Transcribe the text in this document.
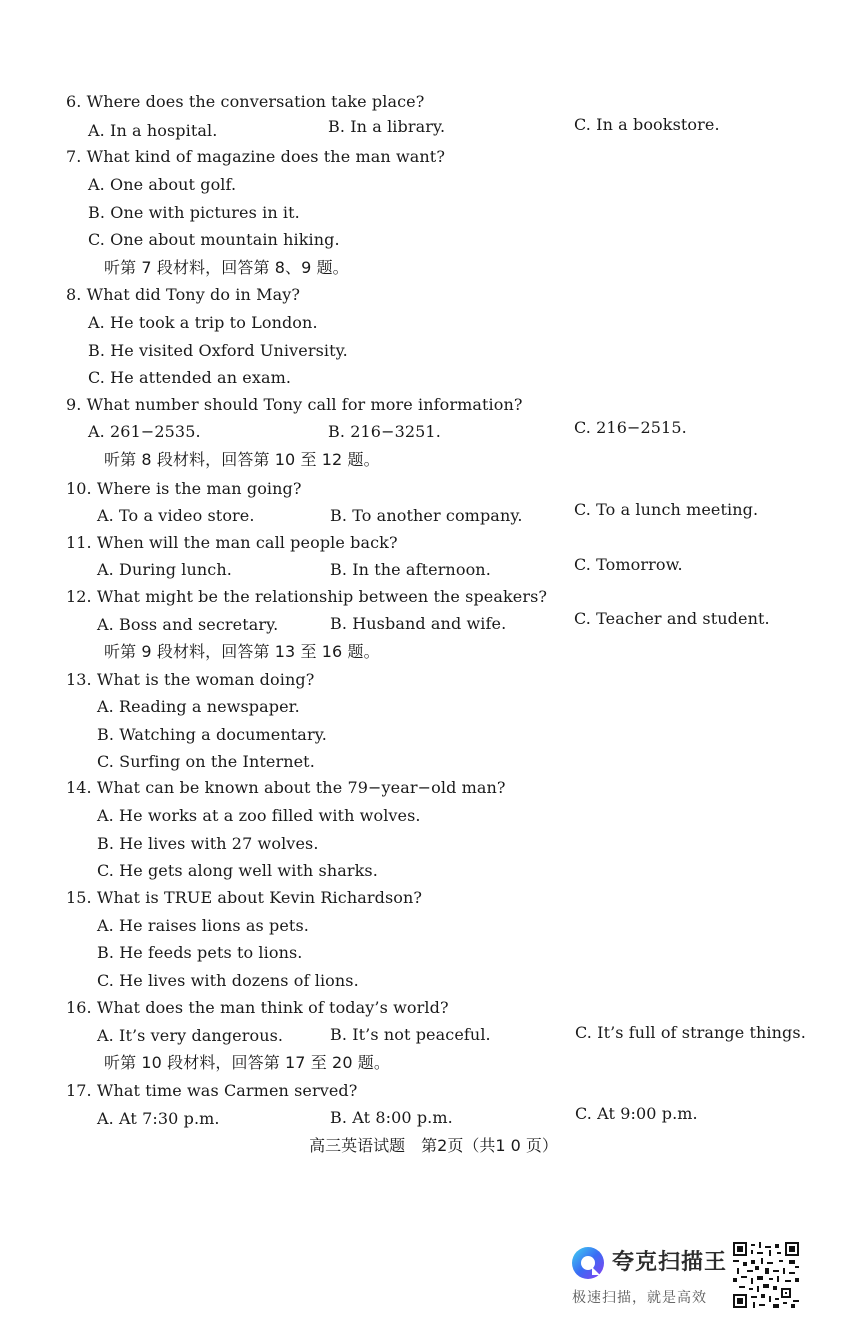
6. Where does the conversation take place?
A. In a hospital.	B. In a library.	C. In a bookstore.
7. What kind of magazine does the man want?
A. One about golf.
B. One with pictures in it.
C. One about mountain hiking.
听第 7 段材料，回答第 8、9 题。
8. What did Tony do in May?
A. He took a trip to London.
B. He visited Oxford University.
C. He attended an exam.
9. What number should Tony call for more information?
A. 261−2535.	B. 216−3251.	C. 216−2515.
听第 8 段材料，回答第 10 至 12 题。
10. Where is the man going?
A. To a video store.	B. To another company.	C. To a lunch meeting.
11. When will the man call people back?
A. During lunch.	B. In the afternoon.	C. Tomorrow.
12. What might be the relationship between the speakers?
A. Boss and secretary.	B. Husband and wife.	C. Teacher and student.
听第 9 段材料，回答第 13 至 16 题。
13. What is the woman doing?
A. Reading a newspaper.
B. Watching a documentary.
C. Surfing on the Internet.
14. What can be known about the 79−year−old man?
A. He works at a zoo filled with wolves.
B. He lives with 27 wolves.
C. He gets along well with sharks.
15. What is TRUE about Kevin Richardson?
A. He raises lions as pets.
B. He feeds pets to lions.
C. He lives with dozens of lions.
16. What does the man think of today’s world?
A. It’s very dangerous.	B. It’s not peaceful.	C. It’s full of strange things.
听第 10 段材料，回答第 17 至 20 题。
17. What time was Carmen served?
A. At 7:30 p.m.	B. At 8:00 p.m.	C. At 9:00 p.m.
高三英语试题　第2页（共1 0 页）
夸克扫描王
极速扫描，就是高效
